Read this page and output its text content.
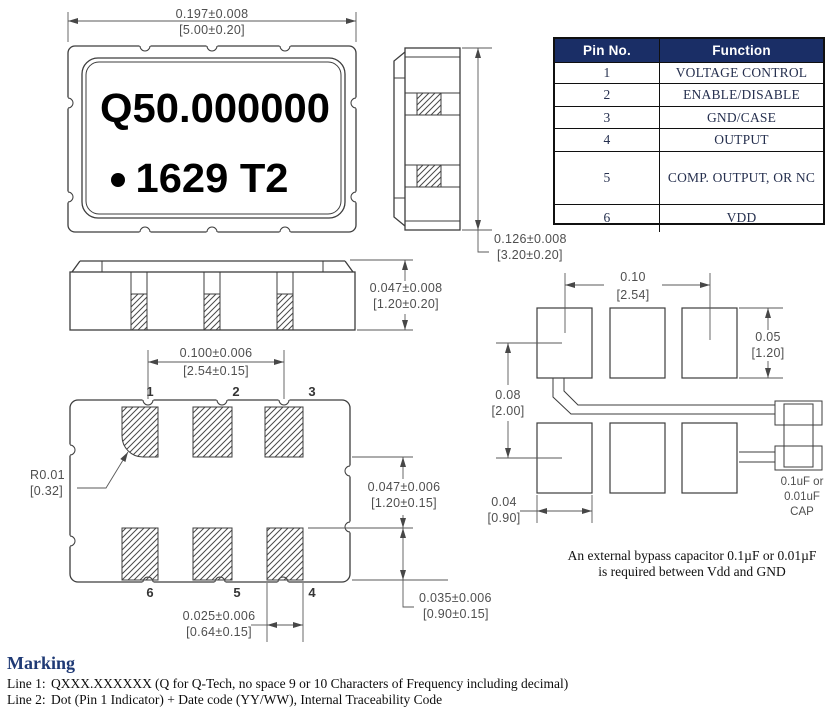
Q50.000000
1629 T2
0.197±0.008
[5.00±0.20]
0.126±0.008
[3.20±0.20]
0.047±0.008
[1.20±0.20]
1	2	3
6	5	4
0.100±0.006
[2.54±0.15]
0.047±0.006
[1.20±0.15]
0.035±0.006
[0.90±0.15]
0.025±0.006
[0.64±0.15]
R0.01
[0.32]
0.1uF or
0.01uF
CAP
0.10
[2.54]
0.05
[1.20]
0.08
[2.00]
0.04
[0.90]
An external bypass capacitor 0.1µF or 0.01µF
is required between Vdd and GND
Pin No.	Function
1	VOLTAGE CONTROL
2	ENABLE/DISABLE
3	GND/CASE
4	OUTPUT
5	COMP. OUTPUT, OR NC
6	VDD
Marking
Line 1: QXXX.XXXXXX (Q for Q-Tech, no space 9 or 10 Characters of Frequency including decimal)
Line 2: Dot (Pin 1 Indicator) + Date code (YY/WW), Internal Traceability Code
